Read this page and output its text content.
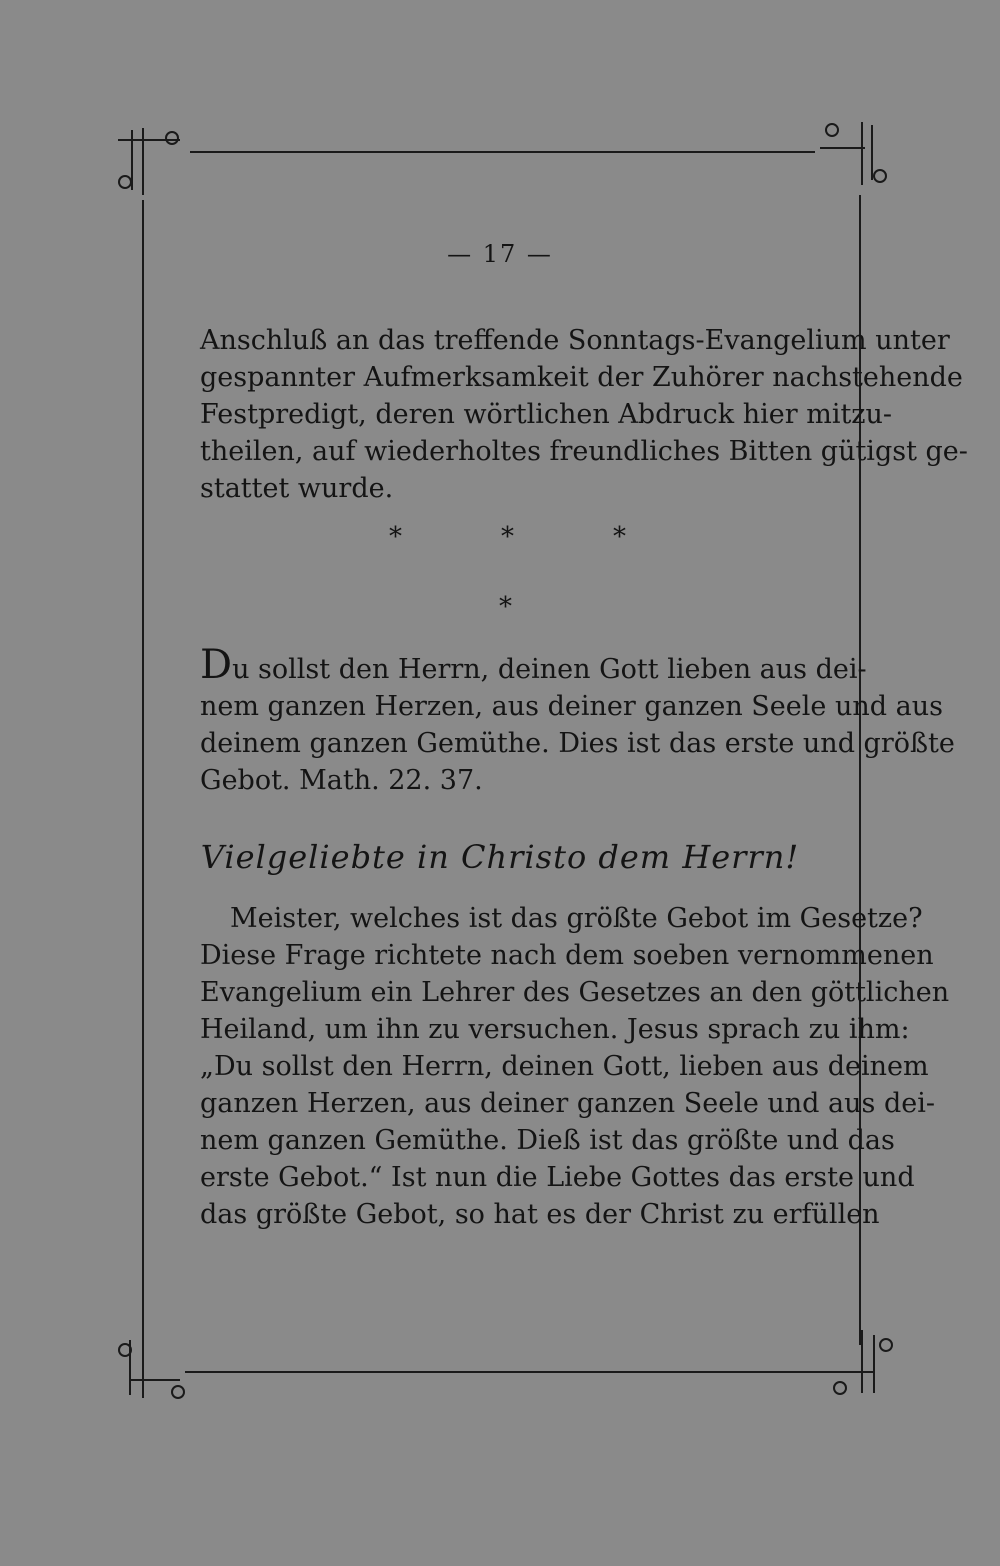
— 17 —
Anschluß an das treffende Sonntags-Evangelium unter
gespannter Aufmerksamkeit der Zuhörer nachstehende
Festpredigt, deren wörtlichen Abdruck hier mitzu-
theilen, auf wiederholtes freundliches Bitten gütigst ge-
stattet wurde.
*	*	*
*
Du sollst den Herrn, deinen Gott lieben aus dei-
nem ganzen Herzen, aus deiner ganzen Seele und aus
deinem ganzen Gemüthe. Dies ist das erste und größte
Gebot. Math. 22. 37.
Vielgeliebte in Christo dem Herrn!
Meister, welches ist das größte Gebot im Gesetze?
Diese Frage richtete nach dem soeben vernommenen
Evangelium ein Lehrer des Gesetzes an den göttlichen
Heiland, um ihn zu versuchen. Jesus sprach zu ihm:
„Du sollst den Herrn, deinen Gott, lieben aus deinem
ganzen Herzen, aus deiner ganzen Seele und aus dei-
nem ganzen Gemüthe. Dieß ist das größte und das
erste Gebot.“ Ist nun die Liebe Gottes das erste und
das größte Gebot, so hat es der Christ zu erfüllen
